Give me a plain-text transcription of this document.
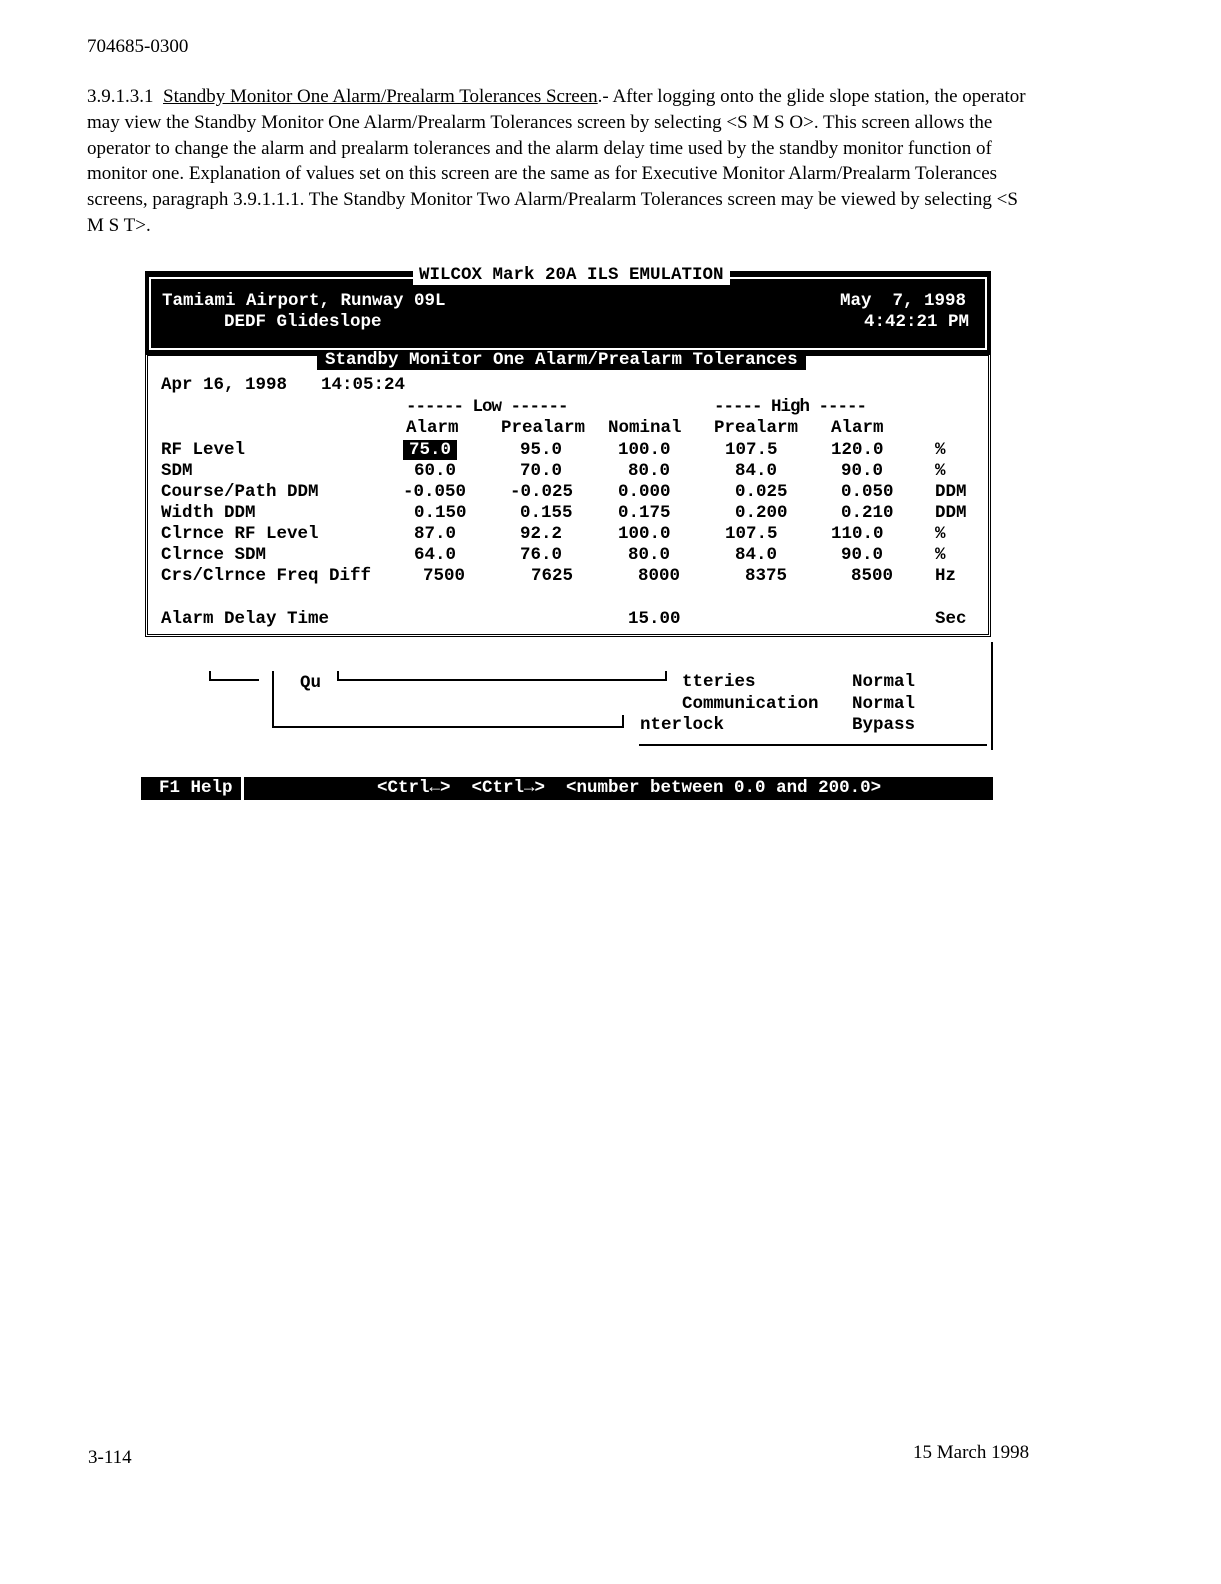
704685-0300
3.9.1.3.1 Standby Monitor One Alarm/Prealarm Tolerances Screen.- After logging onto the glide slope station, the operator may view the Standby Monitor One Alarm/Prealarm Tolerances screen by selecting <S M S O>. This screen allows the operator to change the alarm and prealarm tolerances and the alarm delay time used by the standby monitor function of monitor one. Explanation of values set on this screen are the same as for Executive Monitor Alarm/Prealarm Tolerances screens, paragraph 3.9.1.1.1. The Standby Monitor Two Alarm/Prealarm Tolerances screen may be viewed by selecting <S M S T>.
WILCOX Mark 20A ILS EMULATION
Tamiami Airport, Runway 09L
DEDF Glideslope
May  7, 1998
4:42:21 PM
Standby Monitor One Alarm/Prealarm Tolerances
Apr 16, 1998 14:05:24
------ Low ------	----- High -----
Alarm Prealarm Nominal Prealarm Alarm
RF Level	75.0	95.0	100.0	107.5	120.0	%
SDM	60.0	70.0	80.0	84.0	90.0	%
Course/Path DDM	-0.050	-0.025	0.000	0.025	0.050 DDM
Width DDM	0.150	0.155	0.175	0.200	0.210 DDM
Clrnce RF Level	87.0	92.2	100.0	107.5	110.0	%
Clrnce SDM	64.0	76.0	80.0	84.0	90.0	%
Crs/Clrnce Freq Diff	7500	7625	8000	8375	8500 Hz
Alarm Delay Time	15.00	Sec
Qu	tteries	Normal
Communication Normal
nterlock	Bypass
F1 Help	<Ctrl←>  <Ctrl→>  <number between 0.0 and 200.0>
3-114	15 March 1998
